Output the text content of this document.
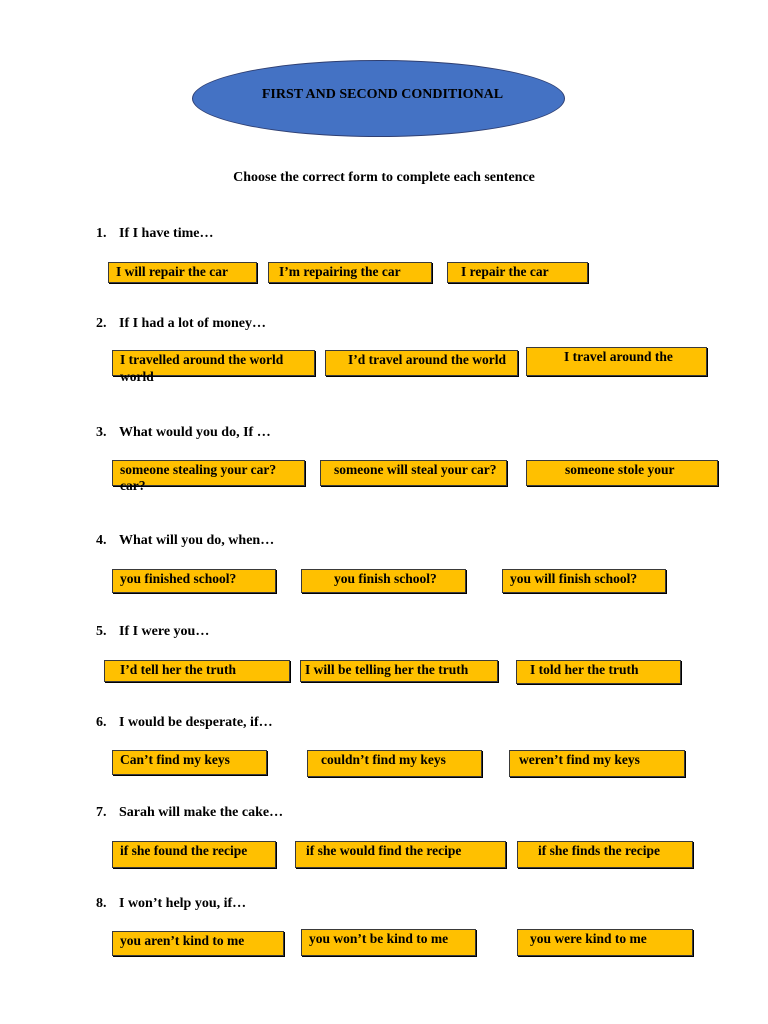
FIRST AND SECOND CONDITIONAL
Choose the correct form to complete each sentence
1. If I have time…
I will repair the car	I’m repairing the car	I repair the car
2. If I had a lot of money…
I travelled around the world
world
I’d travel around the world	I travel around the
3. What would you do, If …
someone stealing your car?
car?
someone will steal your car?	someone stole your
4. What will you do, when…
you finished school?	you finish school?	you will finish school?
5. If I were you…
I’d tell her the truth	I will be telling her the truth	I told her the truth
6. I would be desperate, if…
Can’t find my keys	couldn’t find my keys	weren’t find my keys
7. Sarah will make the cake…
if she found the recipe	if she would find the recipe	if she finds the recipe
8. I won’t help you, if…
you aren’t kind to me	you won’t be kind to me	you were kind to me
